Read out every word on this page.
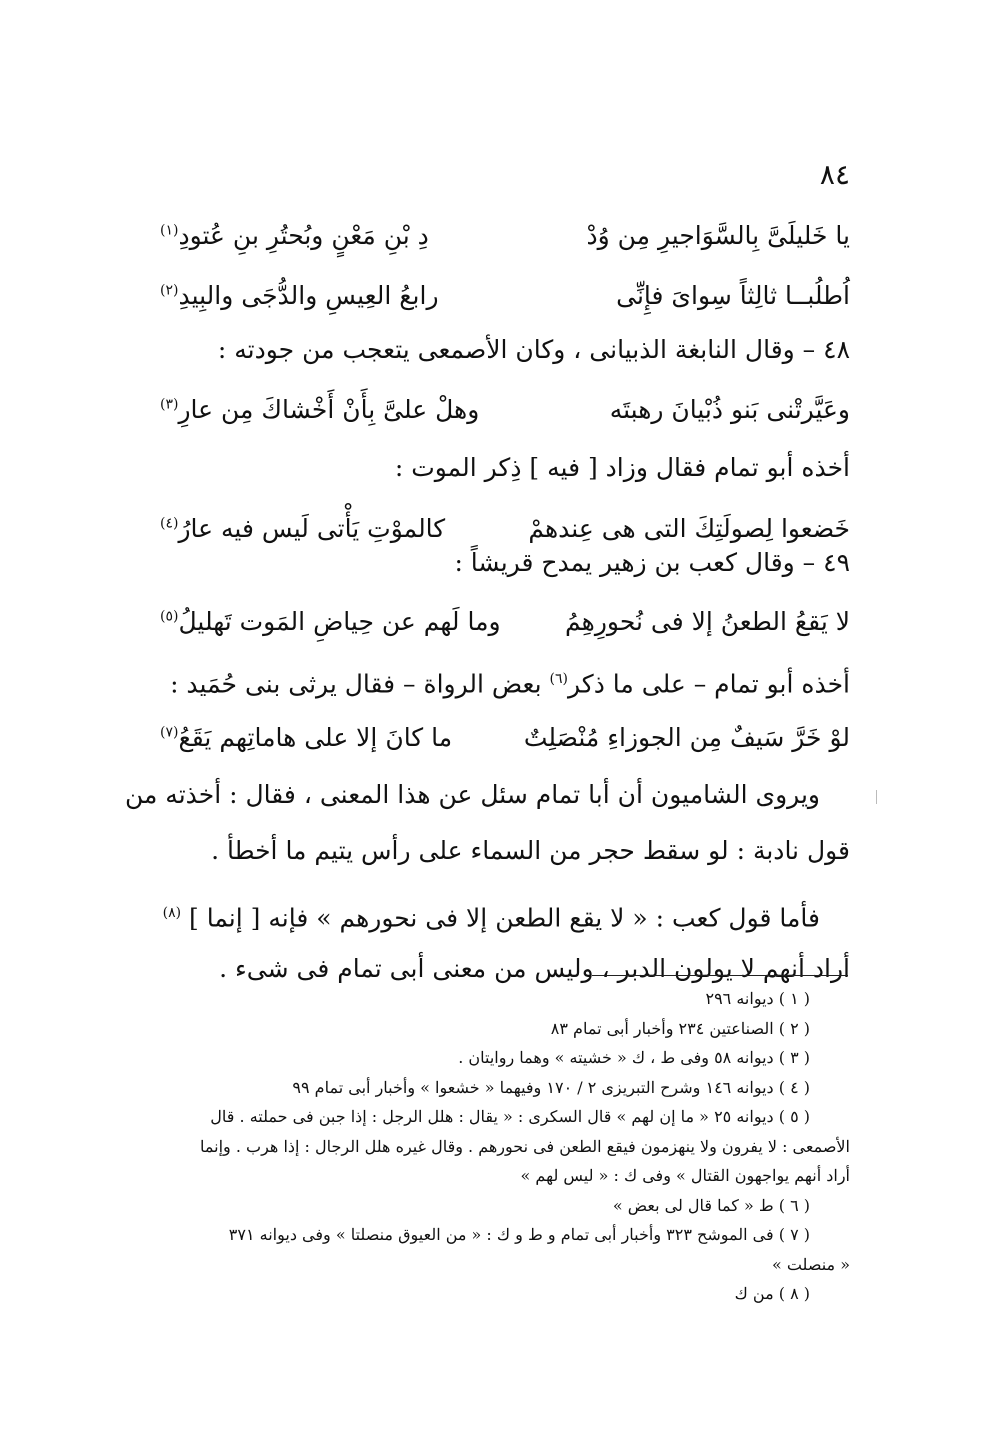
٨٤
يا خَليلَىَّ بِالسَّوَاجيرِ مِن وُدْ
دِ بْنِ مَعْنٍ وبُحتُرِ بنِ عُتودِ$^{(١)}$
اُطلُبــا ثالِثاً سِواىَ فإِنِّى
رابعُ العِيسِ والدُّجَى والبِيدِ$^{(٢)}$
٤٨ – وقال النابغة الذبيانى ، وكان الأصمعى يتعجب من جودته :
وعَيَّرتْنى بَنو ذُبْيانَ رهبتَه
وهلْ علىَّ بِأَنْ أَخْشاكَ مِن عارِ$^{(٣)}$
أخذه أبو تمام فقال وزاد [ فيه ] ذِكر الموت :
خَضعوا لِصولَتِكَ التى هى عِندهمْ
كالموْتِ يَأْتى لَيس فيه عارُ$^{(٤)}$
٤٩ – وقال كعب بن زهير يمدح قريشاً :
لا يَقعُ الطعنُ إلا فى نُحورِهِمُ
وما لَهم عن حِياضِ المَوت تَهليلُ$^{(٥)}$
أخذه أبو تمام – على ما ذكر$^{(٦)}$ بعض الرواة – فقال يرثى بنى حُمَيد :
لوْ خَرَّ سَيفٌ مِن الجوزاءِ مُنْصَلِتٌ
ما كانَ إلا على هاماتِهم يَقَعُ$^{(٧)}$
ويروى الشاميون أن أبا تمام سئل عن هذا المعنى ، فقال : أخذته من
قول نادبة : لو سقط حجر من السماء على رأس يتيم ما أخطأ .
فأما قول كعب : « لا يقع الطعن إلا فى نحورهم » فإنه [ إنما ] $^{(٨)}$
أراد أنهم لا يولون الدبر ، وليس من معنى أبى تمام فى شىء .
( ١ ) ديوانه ٢٩٦
( ٢ ) الصناعتين ٢٣٤ وأخبار أبى تمام ٨٣
( ٣ ) ديوانه ٥٨ وفى ط ، ك « خشيته » وهما روايتان .
( ٤ ) ديوانه ١٤٦ وشرح التبريزى ٢ / ١٧٠ وفيهما « خشعوا » وأخبار أبى تمام ٩٩
( ٥ ) ديوانه ٢٥ « ما إن لهم » قال السكرى : « يقال : هلل الرجل : إذا جبن فى حملته . قال
الأصمعى : لا يفرون ولا ينهزمون فيقع الطعن فى نحورهم . وقال غيره هلل الرجال : إذا هرب . وإنما
أراد أنهم يواجهون القتال » وفى ك : « ليس لهم »
( ٦ ) ط « كما قال لى بعض »
( ٧ ) فى الموشح ٣٢٣ وأخبار أبى تمام و ط و ك : « من العيوق منصلتا » وفى ديوانه ٣٧١
« منصلت »
( ٨ ) من ك
